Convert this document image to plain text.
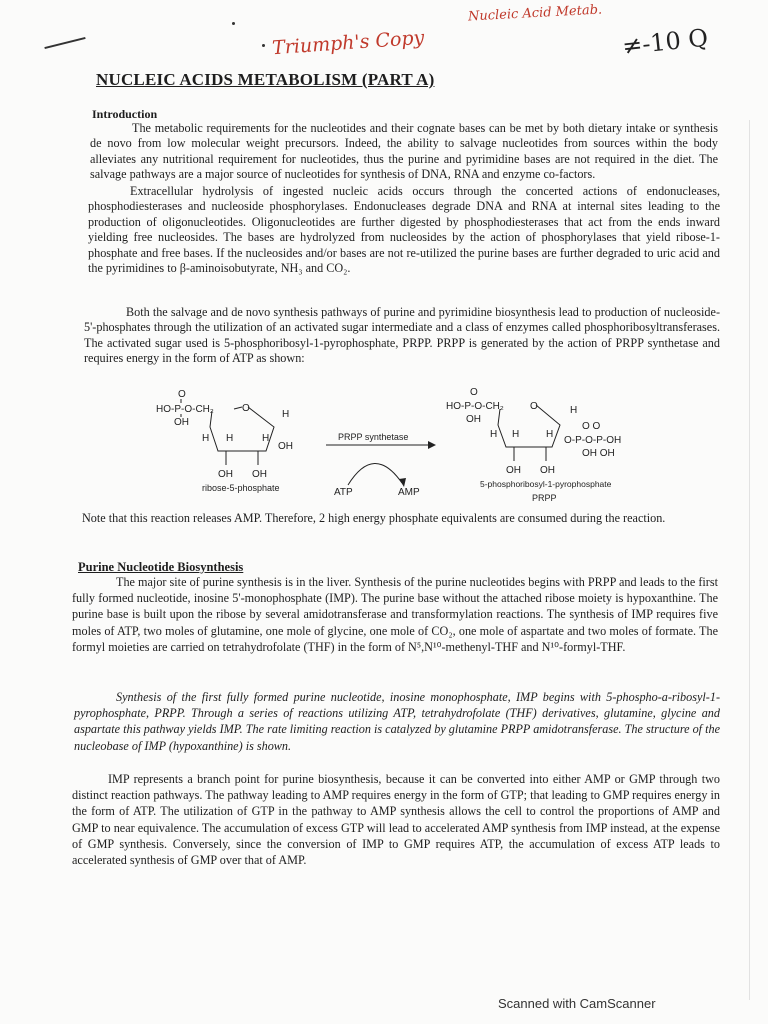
Nucleic Acid Metab.
Triumph's Copy	≠-10 Q
NUCLEIC ACIDS METABOLISM (PART A)
Introduction
The metabolic requirements for the nucleotides and their cognate bases can be met by both dietary intake or synthesis de novo from low molecular weight precursors. Indeed, the ability to salvage nucleotides from sources within the body alleviates any nutritional requirement for nucleotides, thus the purine and pyrimidine bases are not required in the diet. The salvage pathways are a major source of nucleotides for synthesis of DNA, RNA and enzyme co-factors.
Extracellular hydrolysis of ingested nucleic acids occurs through the concerted actions of endonucleases, phosphodiesterases and nucleoside phosphorylases. Endonucleases degrade DNA and RNA at internal sites leading to the production of oligonucleotides. Oligonucleotides are further digested by phosphodiesterases that act from the ends inward yielding free nucleosides. The bases are hydrolyzed from nucleosides by the action of phosphorylases that yield ribose-1-phosphate and free bases. If the nucleosides and/or bases are not re-utilized the purine bases are further degraded to uric acid and the pyrimidines to β-aminoisobutyrate, NH₃ and CO₂.
Both the salvage and de novo synthesis pathways of purine and pyrimidine biosynthesis lead to production of nucleoside-5'-phosphates through the utilization of an activated sugar intermediate and a class of enzymes called phosphoribosyltransferases. The activated sugar used is 5-phosphoribosyl-1-pyrophosphate, PRPP. PRPP is generated by the action of PRPP synthetase and requires energy in the form of ATP as shown:
O
HO-P-O-CH₂
OH
O
H
H H	H
OH
OH OH
ribose-5-phosphate
PRPP synthetase
ATP	AMP
O
HO-P-O-CH₂
OH
O	H
H H	H
O O
O-P-O-P-OH
OH OH
OH OH
5-phosphoribosyl-1-pyrophosphate
PRPP
Note that this reaction releases AMP. Therefore, 2 high energy phosphate equivalents are consumed during the reaction.
Purine Nucleotide Biosynthesis
The major site of purine synthesis is in the liver. Synthesis of the purine nucleotides begins with PRPP and leads to the first fully formed nucleotide, inosine 5'-monophosphate (IMP). The purine base without the attached ribose moiety is hypoxanthine. The purine base is built upon the ribose by several amidotransferase and transformylation reactions. The synthesis of IMP requires five moles of ATP, two moles of glutamine, one mole of glycine, one mole of CO₂, one mole of aspartate and two moles of formate. The formyl moieties are carried on tetrahydrofolate (THF) in the form of N⁵,N¹⁰-methenyl-THF and N¹⁰-formyl-THF.
Synthesis of the first fully formed purine nucleotide, inosine monophosphate, IMP begins with 5-phospho-a-ribosyl-1-pyrophosphate, PRPP. Through a series of reactions utilizing ATP, tetrahydrofolate (THF) derivatives, glutamine, glycine and aspartate this pathway yields IMP. The rate limiting reaction is catalyzed by glutamine PRPP amidotransferase. The structure of the nucleobase of IMP (hypoxanthine) is shown.
IMP represents a branch point for purine biosynthesis, because it can be converted into either AMP or GMP through two distinct reaction pathways. The pathway leading to AMP requires energy in the form of GTP; that leading to GMP requires energy in the form of ATP. The utilization of GTP in the pathway to AMP synthesis allows the cell to control the proportions of AMP and GMP to near equivalence. The accumulation of excess GTP will lead to accelerated AMP synthesis from IMP instead, at the expense of GMP synthesis. Conversely, since the conversion of IMP to GMP requires ATP, the accumulation of excess ATP leads to accelerated synthesis of GMP over that of AMP.
Scanned with CamScanner
